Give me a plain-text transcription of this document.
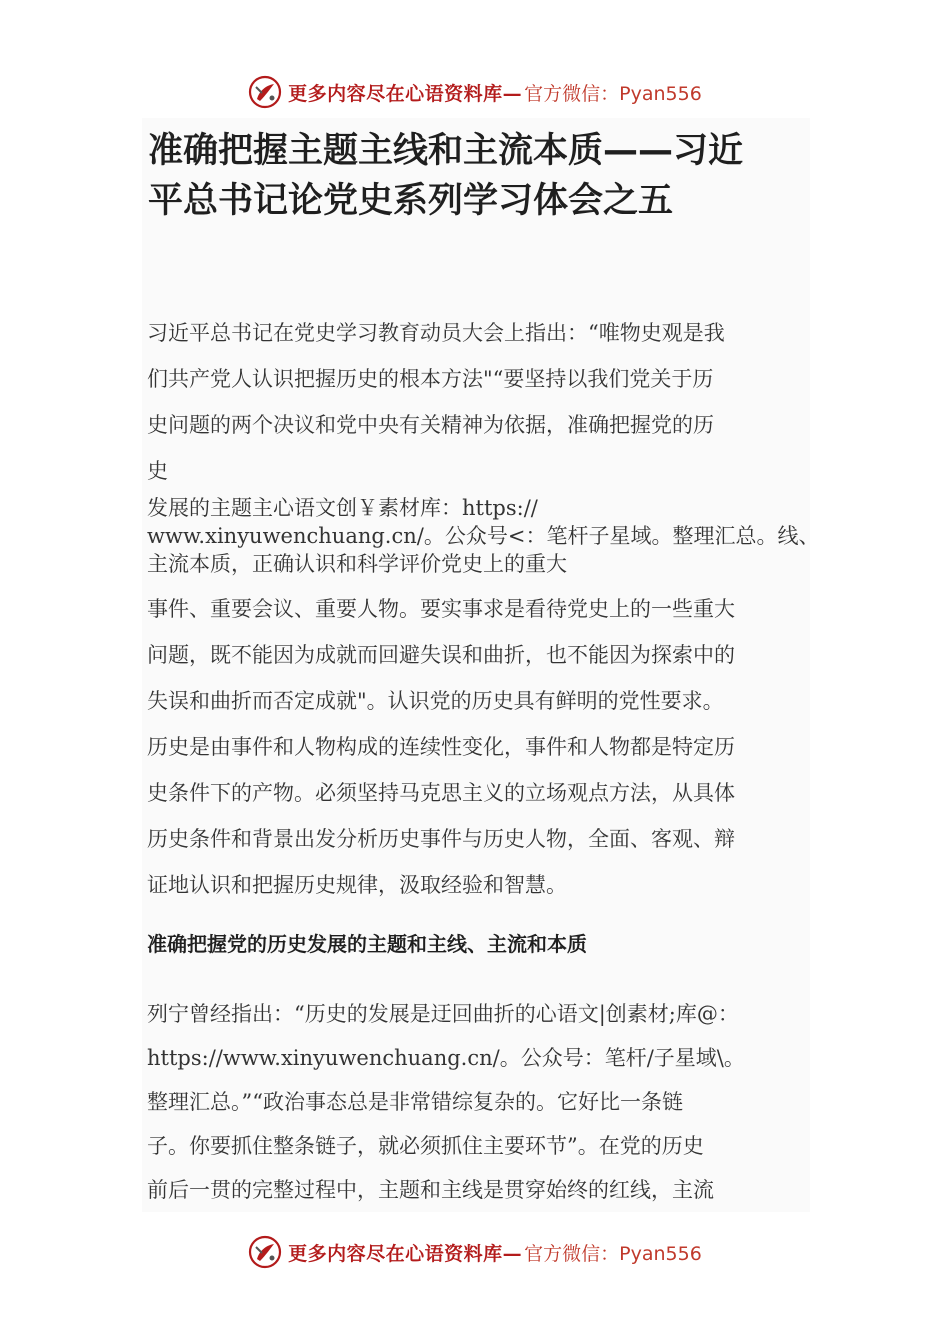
更多内容尽在心语资料库— 官方微信：Pyan556
准确把握主题主线和主流本质——习近
平总书记论党史系列学习体会之五
习近平总书记在党史学习教育动员大会上指出：“唯物史观是我
们共产党人认识把握历史的根本方法"“要坚持以我们党关于历
史问题的两个决议和党中央有关精神为依据，准确把握党的历
史
发展的主题主心语文创￥素材库：https://
www.xinyuwenchuang.cn/。公众号<：笔杆子星域。整理汇总。线、
主流本质，正确认识和科学评价党史上的重大
事件、重要会议、重要人物。要实事求是看待党史上的一些重大
问题，既不能因为成就而回避失误和曲折，也不能因为探索中的
失误和曲折而否定成就"。认识党的历史具有鲜明的党性要求。
历史是由事件和人物构成的连续性变化，事件和人物都是特定历
史条件下的产物。必须坚持马克思主义的立场观点方法，从具体
历史条件和背景出发分析历史事件与历史人物，全面、客观、辩
证地认识和把握历史规律，汲取经验和智慧。
准确把握党的历史发展的主题和主线、主流和本质
列宁曾经指出：“历史的发展是迂回曲折的心语文|创素材;库@：
https://www.xinyuwenchuang.cn/。公众号：笔杆/子星域\。
整理汇总。”“政治事态总是非常错综复杂的。它好比一条链
子。你要抓住整条链子，就必须抓住主要环节”。在党的历史
前后一贯的完整过程中，主题和主线是贯穿始终的红线，主流
更多内容尽在心语资料库— 官方微信：Pyan556
